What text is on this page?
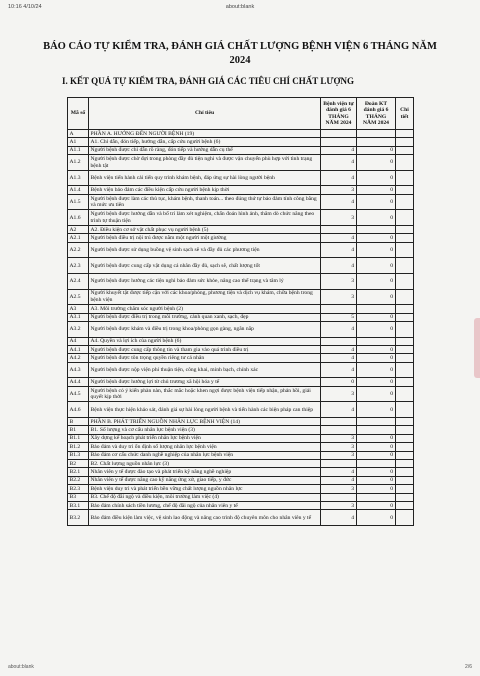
10:16 4/10/24	about:blank
BÁO CÁO TỰ KIỂM TRA, ĐÁNH GIÁ CHẤT LƯỢNG BỆNH VIỆN 6 THÁNG NĂM 2024
I. KẾT QUẢ TỰ KIỂM TRA, ĐÁNH GIÁ CÁC TIÊU CHÍ CHẤT LƯỢNG
Mã số	Chỉ tiêu	Bệnh viện tự đánh giá 6 THÁNG NĂM 2024	Đoàn KT đánh giá 6 THÁNG NĂM 2024	Chi tiết
A	PHẦN A. HƯỚNG ĐẾN NGƯỜI BỆNH (19)			
A1	A1. Chỉ dẫn, đón tiếp, hướng dẫn, cấp cứu người bệnh (6)			
A1.1	Người bệnh được chỉ dẫn rõ ràng, đón tiếp và hướng dẫn cụ thể	4	0	
A1.2	Người bệnh được chờ đợi trong phòng đầy đủ tiện nghi và được vận chuyển phù hợp với tình trạng bệnh tật	4	0	
A1.3	Bệnh viện tiến hành cải tiến quy trình khám bệnh, đáp ứng sự hài lòng người bệnh	4	0	
A1.4	Bệnh viện bảo đảm các điều kiện cấp cứu người bệnh kịp thời	3	0	
A1.5	Người bệnh được làm các thủ tục, khám bệnh, thanh toán... theo đúng thứ tự bảo đảm tính công bằng và mức ưu tiên	4	0	
A1.6	Người bệnh được hướng dẫn và bố trí làm xét nghiệm, chẩn đoán hình ảnh, thăm dò chức năng theo trình tự thuận tiện	3	0	
A2	A2. Điều kiện cơ sở vật chất phục vụ người bệnh (5)			
A2.1	Người bệnh điều trị nội trú được nằm một người một giường	4	0	
A2.2	Người bệnh được sử dụng buồng vệ sinh sạch sẽ và đầy đủ các phương tiện	4	0	
A2.3	Người bệnh được cung cấp vật dụng cá nhân đầy đủ, sạch sẽ, chất lượng tốt	4	0	
A2.4	Người bệnh được hưởng các tiện nghi bảo đảm sức khỏe, nâng cao thể trạng và tâm lý	3	0	
A2.5	Người khuyết tật được tiếp cận với các khoa/phòng, phương tiện và dịch vụ khám, chữa bệnh trong bệnh viện	3	0	
A3	A3. Môi trường chăm sóc người bệnh (2)			
A3.1	Người bệnh được điều trị trong môi trường, cảnh quan xanh, sạch, đẹp	5	0	
A3.2	Người bệnh được khám và điều trị trong khoa/phòng gọn gàng, ngăn nắp	4	0	
A4	A4. Quyền và lợi ích của người bệnh (6)			
A4.1	Người bệnh được cung cấp thông tin và tham gia vào quá trình điều trị	4	0	
A4.2	Người bệnh được tôn trọng quyền riêng tư cá nhân	4	0	
A4.3	Người bệnh được nộp viện phí thuận tiện, công khai, minh bạch, chính xác	4	0	
A4.4	Người bệnh được hưởng lợi từ chủ trương xã hội hóa y tế	0	0	
A4.5	Người bệnh có ý kiến phàn nàn, thắc mắc hoặc khen ngợi được bệnh viện tiếp nhận, phản hồi, giải quyết kịp thời	3	0	
A4.6	Bệnh viện thực hiện khảo sát, đánh giá sự hài lòng người bệnh và tiến hành các biện pháp can thiệp	4	0	
B	PHẦN B. PHÁT TRIỂN NGUỒN NHÂN LỰC BỆNH VIỆN (14)			
B1	B1. Số lượng và cơ cấu nhân lực bệnh viện (3)			
B1.1	Xây dựng kế hoạch phát triển nhân lực bệnh viện	3	0	
B1.2	Bảo đảm và duy trì ổn định số lượng nhân lực bệnh viện	3	0	
B1.3	Bảo đảm cơ cấu chức danh nghề nghiệp của nhân lực bệnh viện	3	0	
B2	B2. Chất lượng nguồn nhân lực (3)			
B2.1	Nhân viên y tế được đào tạo và phát triển kỹ năng nghề nghiệp	4	0	
B2.2	Nhân viên y tế được nâng cao kỹ năng ứng xử, giao tiếp, y đức	4	0	
B2.3	Bệnh viện duy trì và phát triển bền vững chất lượng nguồn nhân lực	3	0	
B3	B3. Chế độ đãi ngộ và điều kiện, môi trường làm việc (4)			
B3.1	Bảo đảm chính sách tiền lương, chế độ đãi ngộ của nhân viên y tế	3	0	
B3.2	Bảo đảm điều kiện làm việc, vệ sinh lao động và nâng cao trình độ chuyên môn cho nhân viên y tế	4	0	
about:blank	2/6
